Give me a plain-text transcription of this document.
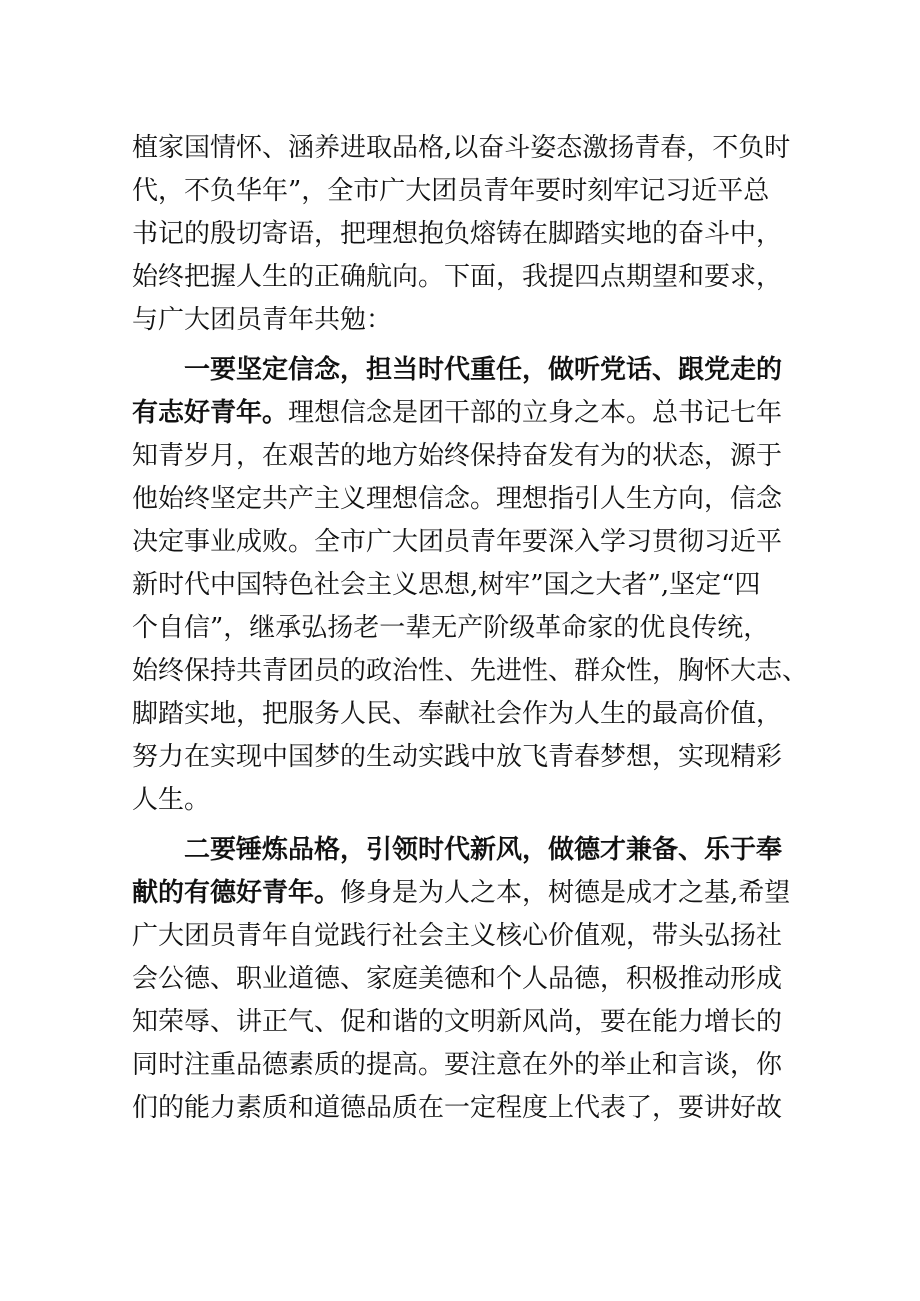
植家国情怀、涵养进取品格,以奋斗姿态激扬青春，不负时
代，不负华年”，全市广大团员青年要时刻牢记习近平总
书记的殷切寄语，把理想抱负熔铸在脚踏实地的奋斗中，
始终把握人生的正确航向。下面，我提四点期望和要求，
与广大团员青年共勉：
一要坚定信念，担当时代重任，做听党话、跟党走的
有志好青年。理想信念是团干部的立身之本。总书记七年
知青岁月，在艰苦的地方始终保持奋发有为的状态，源于
他始终坚定共产主义理想信念。理想指引人生方向，信念
决定事业成败。全市广大团员青年要深入学习贯彻习近平
新时代中国特色社会主义思想,树牢”国之大者”,坚定“四
个自信”，继承弘扬老一辈无产阶级革命家的优良传统，
始终保持共青团员的政治性、先进性、群众性，胸怀大志、
脚踏实地，把服务人民、奉献社会作为人生的最高价值，
努力在实现中国梦的生动实践中放飞青春梦想，实现精彩
人生。
二要锤炼品格，引领时代新风，做德才兼备、乐于奉
献的有德好青年。修身是为人之本，树德是成才之基,希望
广大团员青年自觉践行社会主义核心价值观，带头弘扬社
会公德、职业道德、家庭美德和个人品德，积极推动形成
知荣辱、讲正气、促和谐的文明新风尚，要在能力增长的
同时注重品德素质的提高。要注意在外的举止和言谈，你
们的能力素质和道德品质在一定程度上代表了，要讲好故
